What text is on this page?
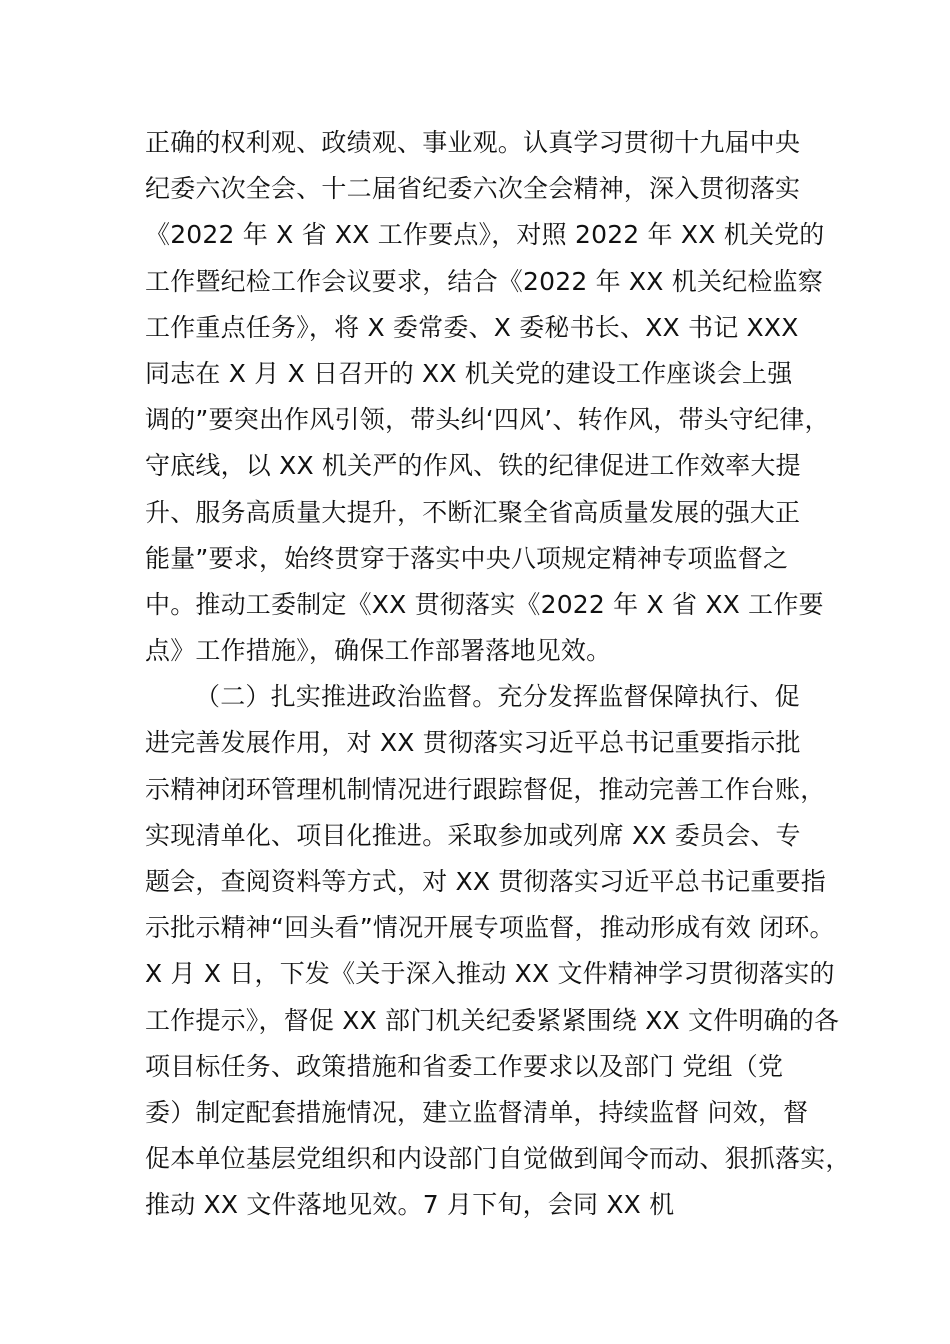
正确的权利观、政绩观、事业观。认真学习贯彻十九届中央
纪委六次全会、十二届省纪委六次全会精神，深入贯彻落实
《2022 年 X 省 XX 工作要点》，对照 2022 年 XX 机关党的
工作暨纪检工作会议要求，结合《2022 年 XX 机关纪检监察
工作重点任务》，将 X 委常委、X 委秘书长、XX 书记 XXX
同志在 X 月 X 日召开的 XX 机关党的建设工作座谈会上强
调的”要突出作风引领，带头纠‘四风’、转作风，带头守纪律，
守底线，以 XX 机关严的作风、铁的纪律促进工作效率大提
升、服务高质量大提升，不断汇聚全省高质量发展的强大正
能量”要求，始终贯穿于落实中央八项规定精神专项监督之
中。推动工委制定《XX 贯彻落实《2022 年 X 省 XX 工作要
点》工作措施》，确保工作部署落地见效。
（二）扎实推进政治监督。充分发挥监督保障执行、促
进完善发展作用，对 XX 贯彻落实习近平总书记重要指示批
示精神闭环管理机制情况进行跟踪督促，推动完善工作台账，
实现清单化、项目化推进。采取参加或列席 XX 委员会、专
题会，查阅资料等方式，对 XX 贯彻落实习近平总书记重要指
示批示精神“回头看”情况开展专项监督，推动形成有效 闭环。
X 月 X 日，下发《关于深入推动 XX 文件精神学习贯彻落实的
工作提示》，督促 XX 部门机关纪委紧紧围绕 XX 文件明确的各
项目标任务、政策措施和省委工作要求以及部门 党组（党
委）制定配套措施情况，建立监督清单，持续监督 问效，督
促本单位基层党组织和内设部门自觉做到闻令而动、狠抓落实，
推动 XX 文件落地见效。7 月下旬，会同 XX 机
